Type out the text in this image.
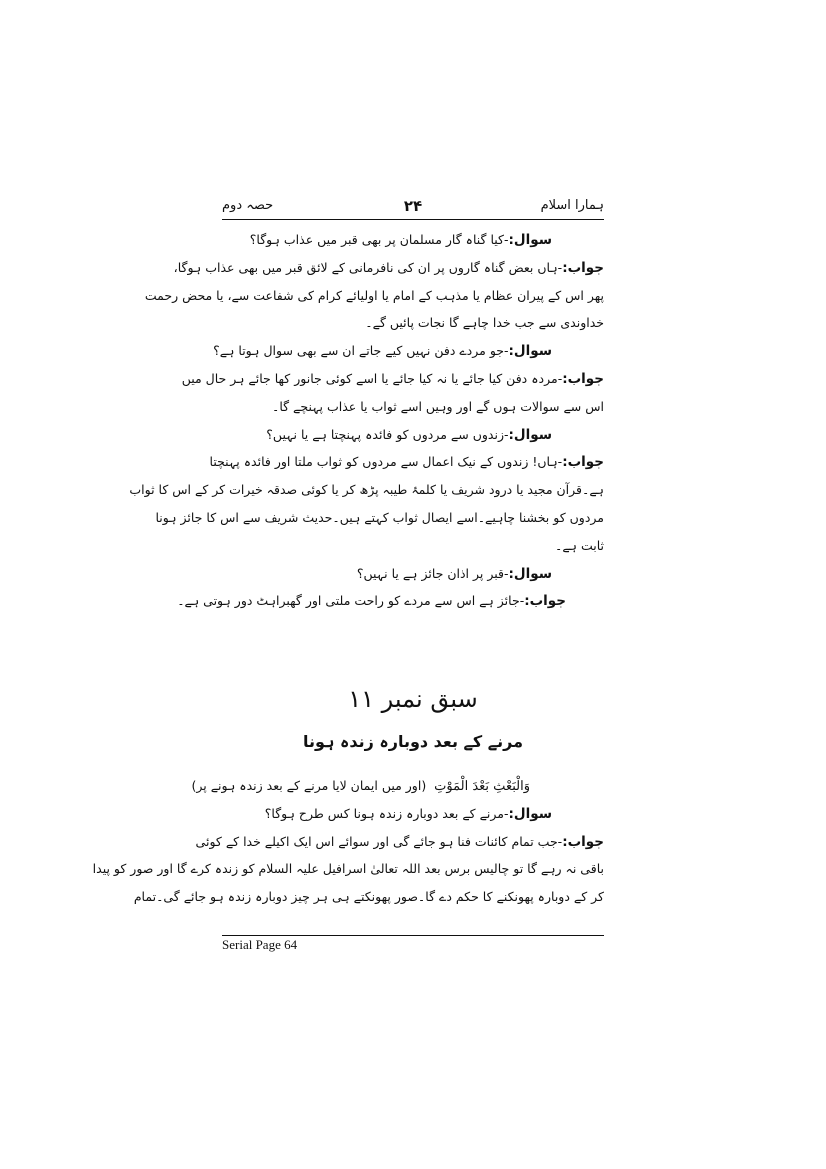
ہمارا اسلام
۲۴
حصہ دوم
سوال:-کیا گناہ گار مسلمان پر بھی قبر میں عذاب ہوگا؟
جواب:-ہاں بعض گناہ گاروں پر ان کی نافرمانی کے لائق قبر میں بھی عذاب ہوگا،
پھر اس کے پیران عظام یا مذہب کے امام یا اولیائے کرام کی شفاعت سے، یا محض رحمت
خداوندی سے جب خدا چاہے گا نجات پائیں گے۔
سوال:-جو مردے دفن نہیں کیے جاتے ان سے بھی سوال ہوتا ہے؟
جواب:-مردہ دفن کیا جائے یا نہ کیا جائے یا اسے کوئی جانور کھا جائے ہر حال میں
اس سے سوالات ہوں گے اور وہیں اسے ثواب یا عذاب پہنچے گا۔
سوال:-زندوں سے مردوں کو فائدہ پہنچتا ہے یا نہیں؟
جواب:-ہاں! زندوں کے نیک اعمال سے مردوں کو ثواب ملتا اور فائدہ پہنچتا
ہے۔قرآن مجید یا درود شریف یا کلمۂ طیبہ پڑھ کر یا کوئی صدقہ خیرات کر کے اس کا ثواب
مردوں کو بخشنا چاہیے۔اسے ایصال ثواب کہتے ہیں۔حدیث شریف سے اس کا جائز ہونا
ثابت ہے۔
سوال:-قبر پر اذان جائز ہے یا نہیں؟
جواب:-جائز ہے اس سے مردے کو راحت ملتی اور گھبراہٹ دور ہوتی ہے۔
سبق نمبر ۱۱
مرنے کے بعد دوبارہ زندہ ہونا
وَالْبَعْثِ بَعْدَ الْمَوْتِ  (اور میں ایمان لایا مرنے کے بعد زندہ ہونے پر)
سوال:-مرنے کے بعد دوبارہ زندہ ہونا کس طرح ہوگا؟
جواب:-جب تمام کائنات فنا ہو جائے گی اور سوائے اس ایک اکیلے خدا کے کوئی
باقی نہ رہے گا تو چالیس برس بعد اللہ تعالیٰ اسرافیل علیہ السلام کو زندہ کرے گا اور صور کو پیدا
کر کے دوبارہ پھونکنے کا حکم دے گا۔صور پھونکتے ہی ہر چیز دوبارہ زندہ ہو جائے گی۔تمام
Serial Page 64
